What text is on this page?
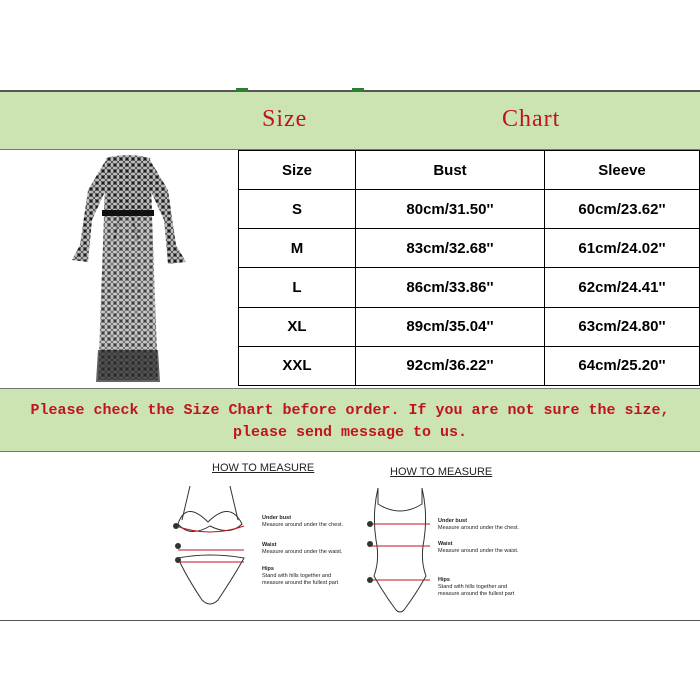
Size	Chart
Size	Bust	Sleeve
S	80cm/31.50''	60cm/23.62''
M	83cm/32.68''	61cm/24.02''
L	86cm/33.86''	62cm/24.41''
XL	89cm/35.04''	63cm/24.80''
XXL	92cm/36.22''	64cm/25.20''
Please check the Size Chart before order. If you are not sure the size,
please send message to us.
HOW TO MEASURE
Under bust
Measure around under the chest.
Waist
Measure around under the waist.
Hips
Stand with hills together and measure around the fullest part
HOW TO MEASURE
Under bust
Measure around under the chest.
Waist
Measure around under the waist.
Hips
Stand with hills together and measure around the fullest part
